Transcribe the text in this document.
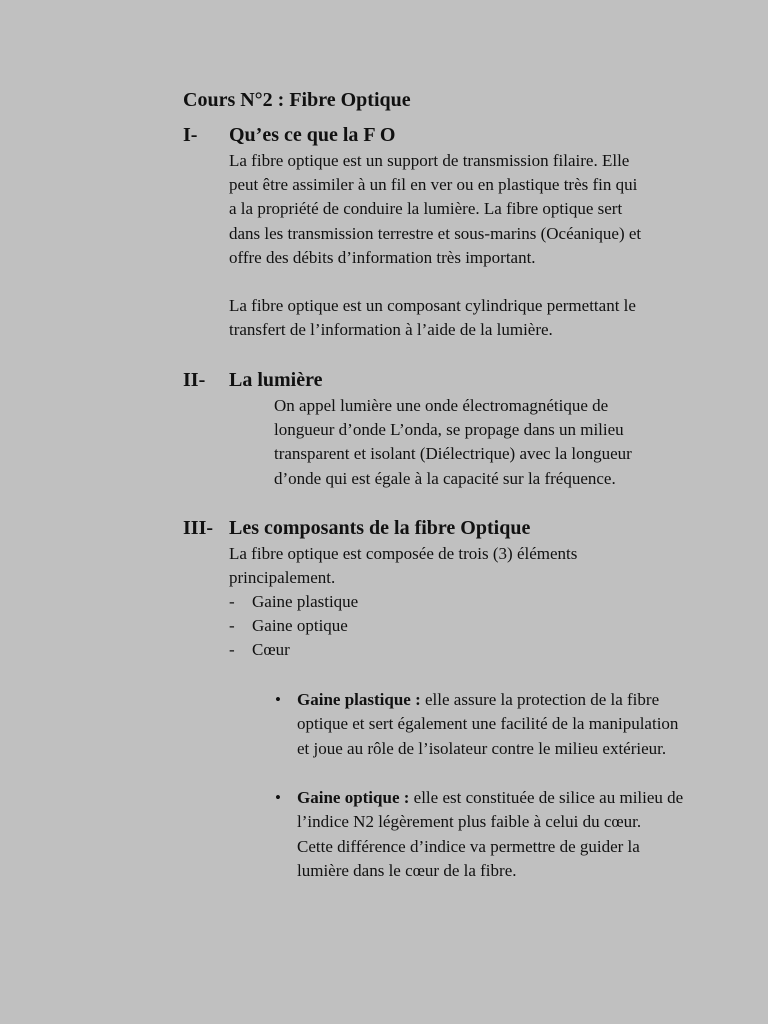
Cours N°2 : Fibre Optique
I- Qu’es ce que la F O
La fibre optique est un support de transmission filaire. Elle peut être assimiler à un fil en ver ou en plastique très fin qui a la propriété de conduire la lumière. La fibre optique sert dans les transmission terrestre et sous-marins (Océanique) et offre des débits d’information très important.
La fibre optique est un composant cylindrique permettant le transfert de l’information à l’aide de la lumière.
II- La lumière
On appel lumière une onde électromagnétique de longueur d’onde L’onda, se propage dans un milieu transparent et isolant (Diélectrique) avec la longueur d’onde qui est égale à la capacité sur la fréquence.
III- Les composants de la fibre Optique
La fibre optique est composée de trois (3) éléments principalement.
- Gaine plastique
- Gaine optique
- Cœur
• Gaine plastique : elle assure la protection de la fibre optique et sert également une facilité de la manipulation et joue au rôle de l’isolateur contre le milieu extérieur.
• Gaine optique : elle est constituée de silice au milieu de l’indice N2 légèrement plus faible à celui du cœur.
Cette différence d’indice va permettre de guider la lumière dans le cœur de la fibre.
